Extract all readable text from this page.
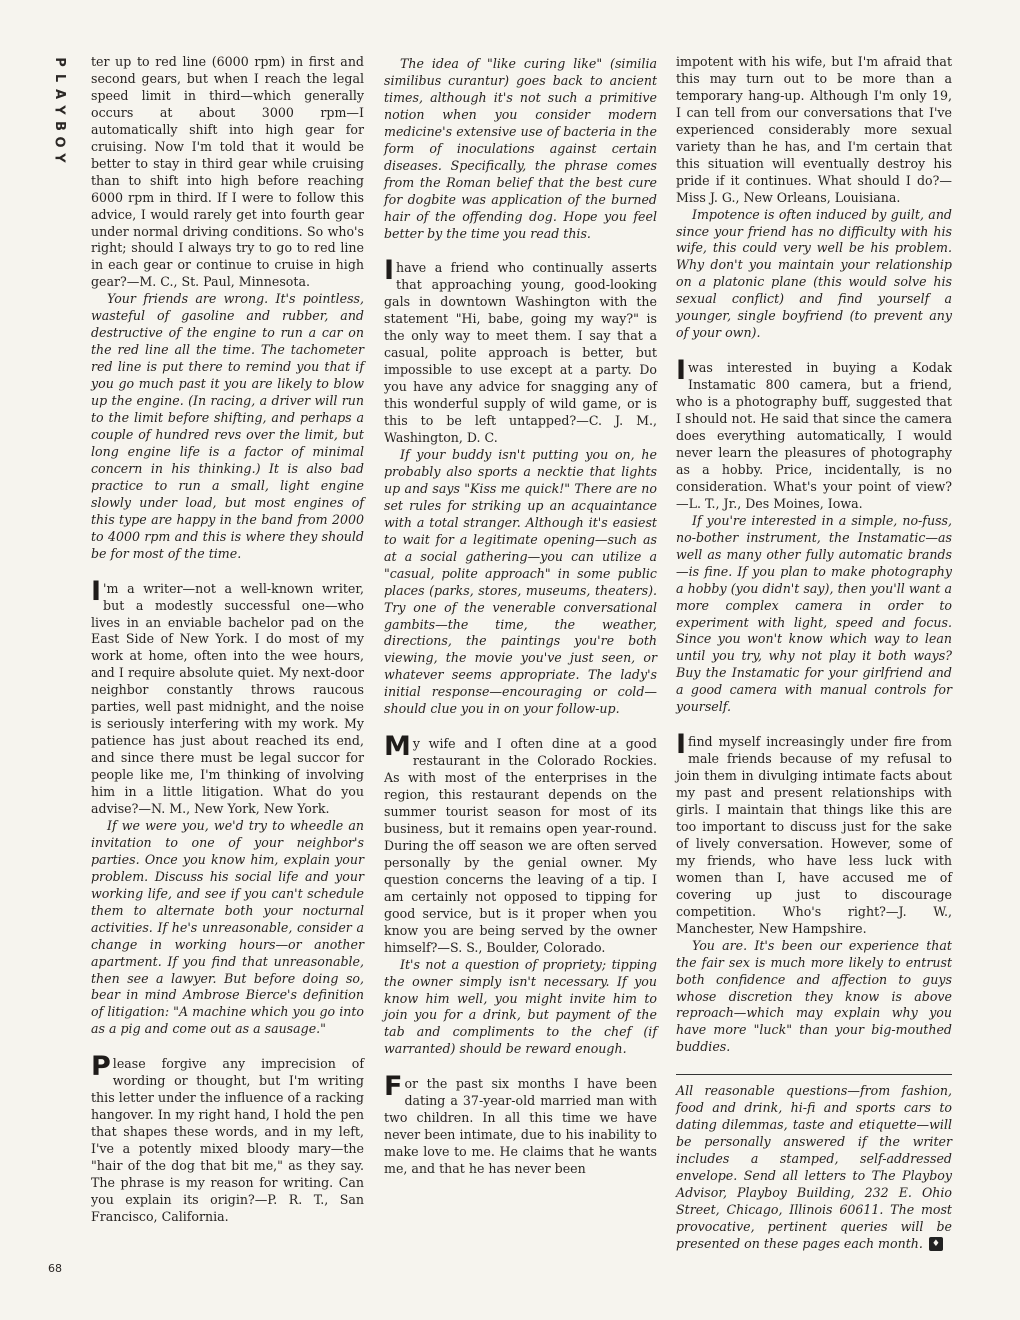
P
L
A
Y
B
O
Y

ter up to red line (6000 rpm) in first and second gears, but when I reach the legal speed limit in third—which generally occurs at about 3000 rpm—I automatically shift into high gear for cruising. Now I'm told that it would be better to stay in third gear while cruising than to shift into high before reaching 6000 rpm in third. If I were to follow this advice, I would rarely get into fourth gear under normal driving conditions. So who's right; should I always try to go to red line in each gear or continue to cruise in high gear?—M. C., St. Paul, Minnesota.

Your friends are wrong. It's pointless, wasteful of gasoline and rubber, and destructive of the engine to run a car on the red line all the time. The tachometer red line is put there to remind you that if you go much past it you are likely to blow up the engine. (In racing, a driver will run to the limit before shifting, and perhaps a couple of hundred revs over the limit, but long engine life is a factor of minimal concern in his thinking.) It is also bad practice to run a small, light engine slowly under load, but most engines of this type are happy in the band from 2000 to 4000 rpm and this is where they should be for most of the time.

I 'm a writer—not a well-known writer, but a modestly successful one—who lives in an enviable bachelor pad on the East Side of New York. I do most of my work at home, often into the wee hours, and I require absolute quiet. My next-door neighbor constantly throws raucous parties, well past midnight, and the noise is seriously interfering with my work. My patience has just about reached its end, and since there must be legal succor for people like me, I'm thinking of involving him in a little litigation. What do you advise?—N. M., New York, New York.

If we were you, we'd try to wheedle an invitation to one of your neighbor's parties. Once you know him, explain your problem. Discuss his social life and your working life, and see if you can't schedule them to alternate both your nocturnal activities. If he's unreasonable, consider a change in working hours—or another apartment. If you find that unreasonable, then see a lawyer. But before doing so, bear in mind Ambrose Bierce's definition of litigation: "A machine which you go into as a pig and come out as a sausage."

Please forgive any imprecision of wording or thought, but I'm writing this letter under the influence of a racking hangover. In my right hand, I hold the pen that shapes these words, and in my left, I've a potently mixed bloody mary—the "hair of the dog that bit me," as they say. The phrase is my reason for writing. Can you explain its origin?—P. R. T., San Francisco, California.

The idea of "like curing like" (similia similibus curantur) goes back to ancient times, although it's not such a primitive notion when you consider modern medicine's extensive use of bacteria in the form of inoculations against certain diseases. Specifically, the phrase comes from the Roman belief that the best cure for dogbite was application of the burned hair of the offending dog. Hope you feel better by the time you read this.

I have a friend who continually asserts that approaching young, good-looking gals in downtown Washington with the statement "Hi, babe, going my way?" is the only way to meet them. I say that a casual, polite approach is better, but impossible to use except at a party. Do you have any advice for snagging any of this wonderful supply of wild game, or is this to be left untapped?—C. J. M., Washington, D. C.

If your buddy isn't putting you on, he probably also sports a necktie that lights up and says "Kiss me quick!" There are no set rules for striking up an acquaintance with a total stranger. Although it's easiest to wait for a legitimate opening—such as at a social gathering—you can utilize a "casual, polite approach" in some public places (parks, stores, museums, theaters). Try one of the venerable conversational gambits—the time, the weather, directions, the paintings you're both viewing, the movie you've just seen, or whatever seems appropriate. The lady's initial response—encouraging or cold—should clue you in on your follow-up.

My wife and I often dine at a good restaurant in the Colorado Rockies. As with most of the enterprises in the region, this restaurant depends on the summer tourist season for most of its business, but it remains open year-round. During the off season we are often served personally by the genial owner. My question concerns the leaving of a tip. I am certainly not opposed to tipping for good service, but is it proper when you know you are being served by the owner himself?—S. S., Boulder, Colorado.

It's not a question of propriety; tipping the owner simply isn't necessary. If you know him well, you might invite him to join you for a drink, but payment of the tab and compliments to the chef (if warranted) should be reward enough.

For the past six months I have been dating a 37-year-old married man with two children. In all this time we have never been intimate, due to his inability to make love to me. He claims that he wants me, and that he has never been

impotent with his wife, but I'm afraid that this may turn out to be more than a temporary hang-up. Although I'm only 19, I can tell from our conversations that I've experienced considerably more sexual variety than he has, and I'm certain that this situation will eventually destroy his pride if it continues. What should I do?—Miss J. G., New Orleans, Louisiana.

Impotence is often induced by guilt, and since your friend has no difficulty with his wife, this could very well be his problem. Why don't you maintain your relationship on a platonic plane (this would solve his sexual conflict) and find yourself a younger, single boyfriend (to prevent any of your own).

I was interested in buying a Kodak Instamatic 800 camera, but a friend, who is a photography buff, suggested that I should not. He said that since the camera does everything automatically, I would never learn the pleasures of photography as a hobby. Price, incidentally, is no consideration. What's your point of view?—L. T., Jr., Des Moines, Iowa.

If you're interested in a simple, no-fuss, no-bother instrument, the Instamatic—as well as many other fully automatic brands—is fine. If you plan to make photography a hobby (you didn't say), then you'll want a more complex camera in order to experiment with light, speed and focus. Since you won't know which way to lean until you try, why not play it both ways? Buy the Instamatic for your girlfriend and a good camera with manual controls for yourself.

I find myself increasingly under fire from male friends because of my refusal to join them in divulging intimate facts about my past and present relationships with girls. I maintain that things like this are too important to discuss just for the sake of lively conversation. However, some of my friends, who have less luck with women than I, have accused me of covering up just to discourage competition. Who's right?—J. W., Manchester, New Hampshire.

You are. It's been our experience that the fair sex is much more likely to entrust both confidence and affection to guys whose discretion they know is above reproach—which may explain why you have more "luck" than your big-mouthed buddies.

All reasonable questions—from fashion, food and drink, hi-fi and sports cars to dating dilemmas, taste and etiquette—will be personally answered if the writer includes a stamped, self-addressed envelope. Send all letters to The Playboy Advisor, Playboy Building, 232 E. Ohio Street, Chicago, Illinois 60611. The most provocative, pertinent queries will be presented on these pages each month. ♦

68
